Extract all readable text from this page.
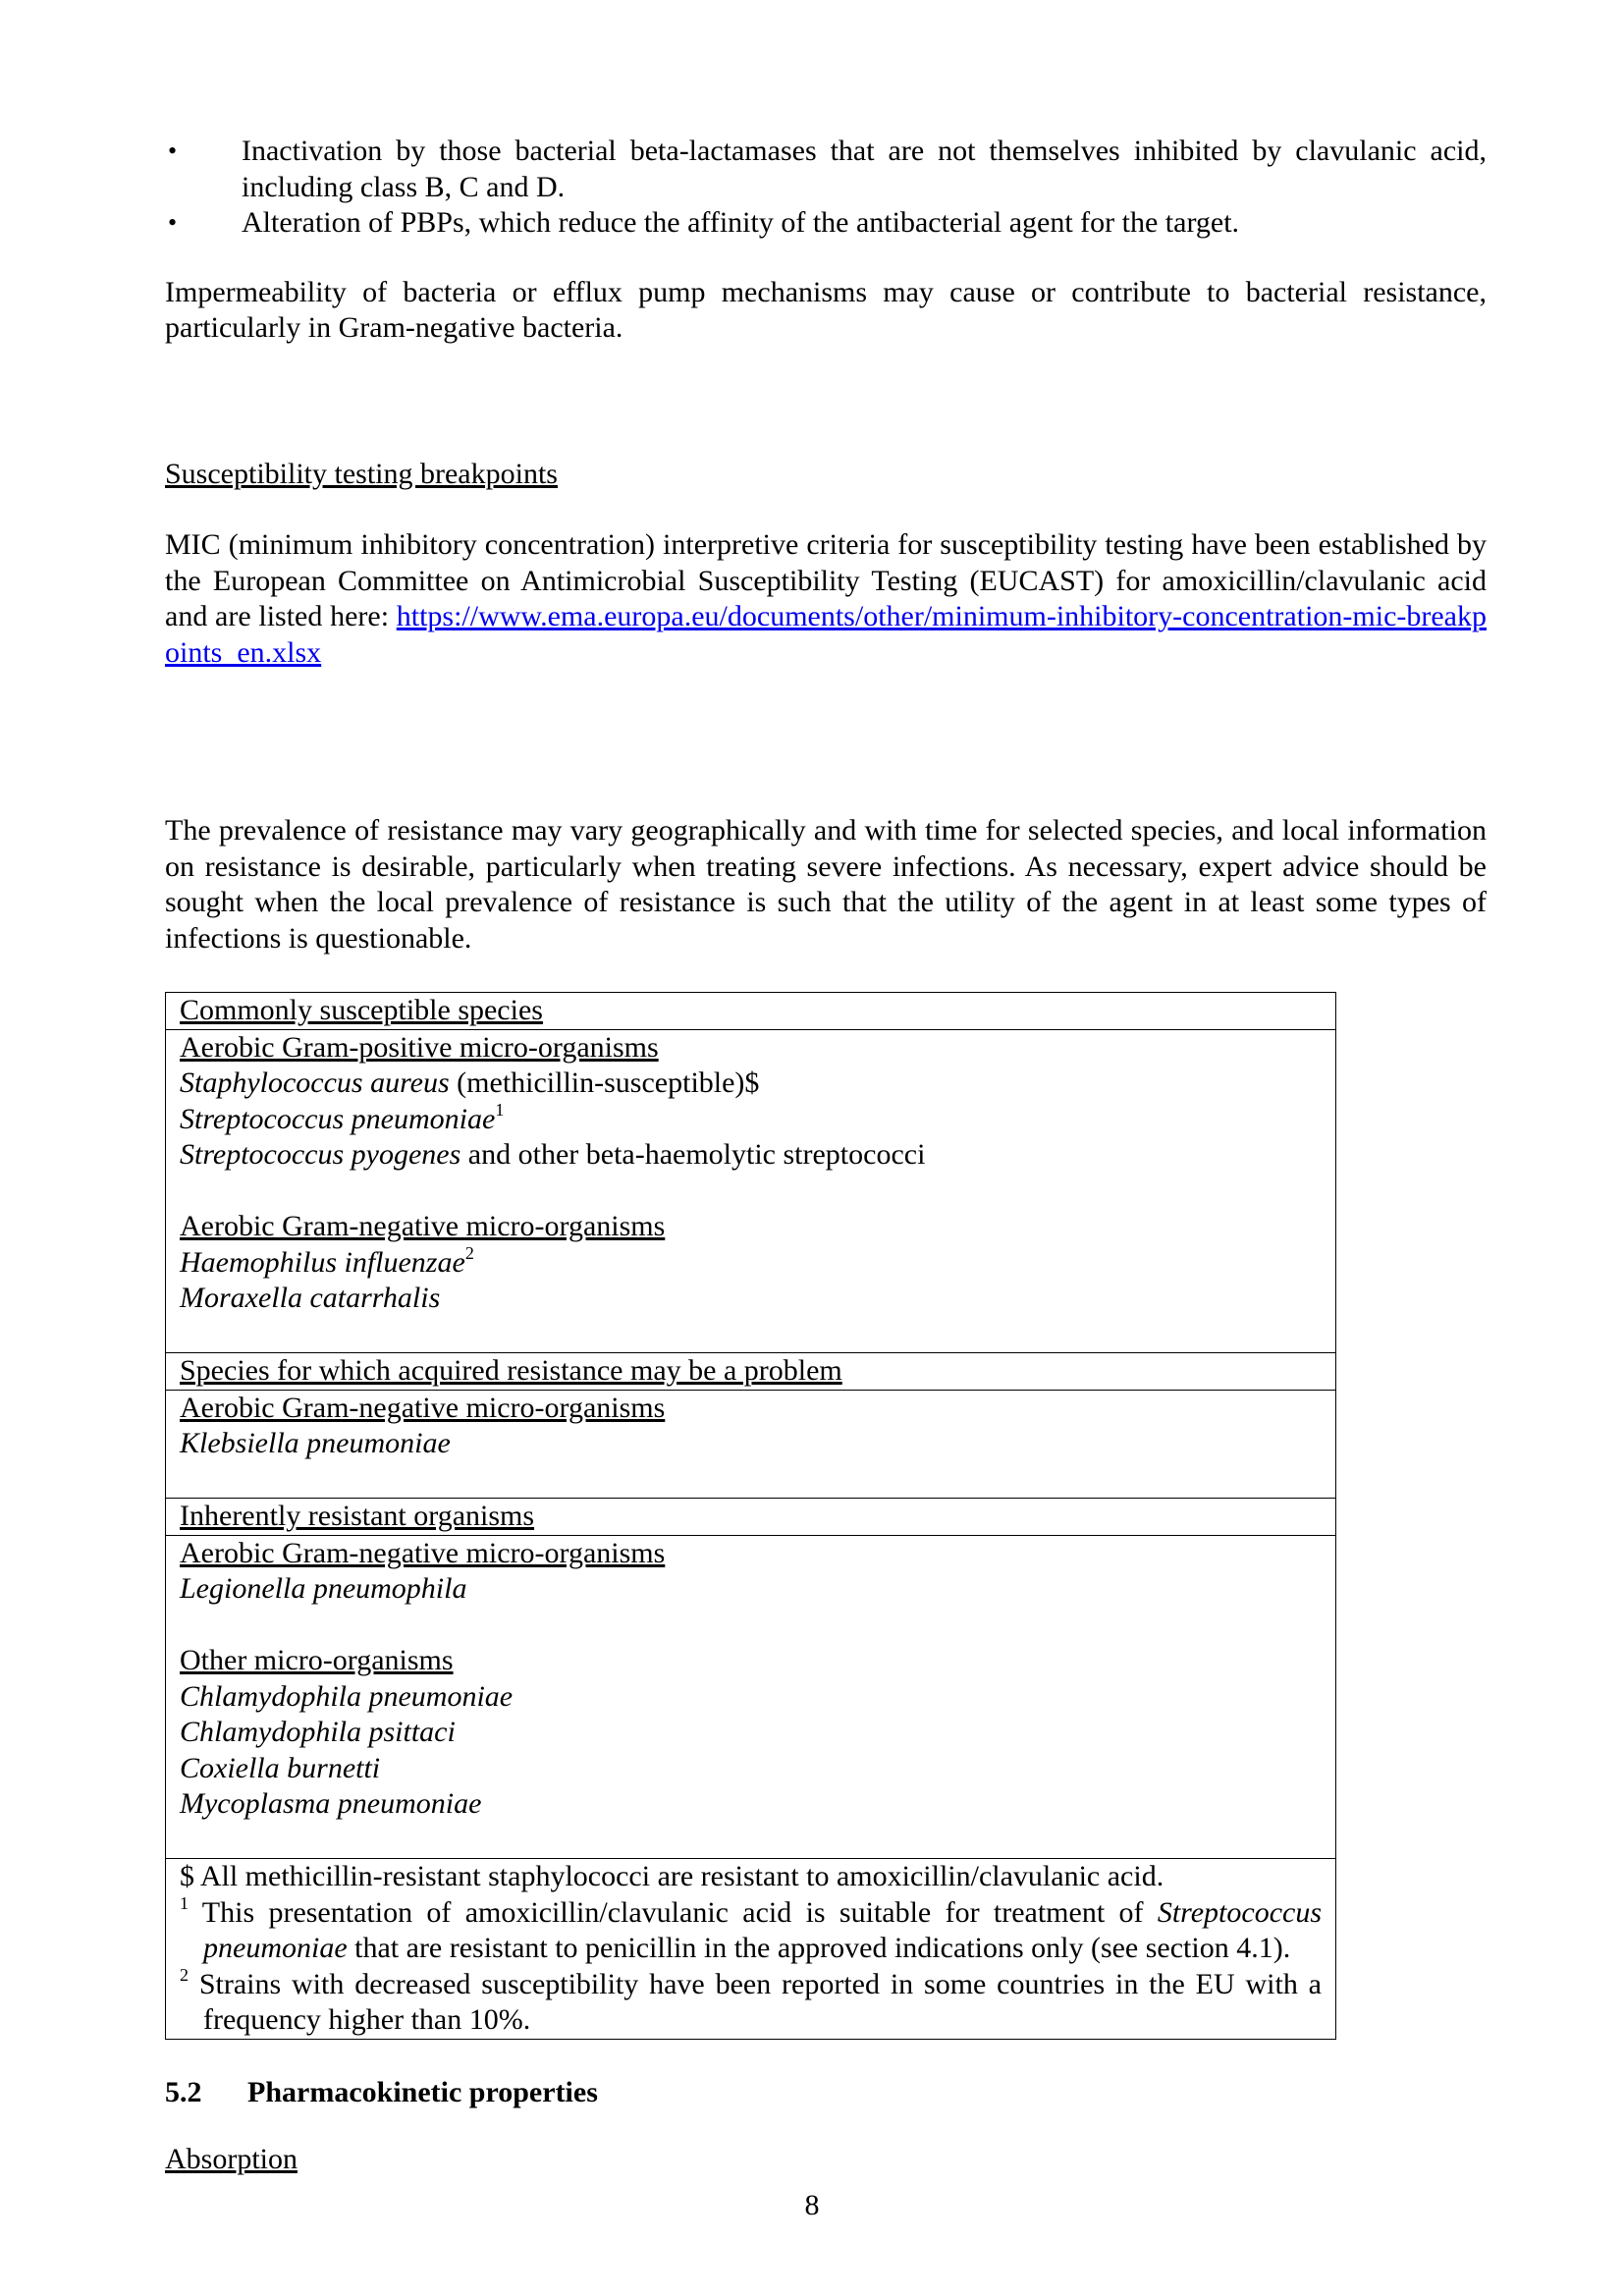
• Inactivation by those bacterial beta-lactamases that are not themselves inhibited by clavulanic acid, including class B, C and D.
• Alteration of PBPs, which reduce the affinity of the antibacterial agent for the target.

Impermeability of bacteria or efflux pump mechanisms may cause or contribute to bacterial resistance, particularly in Gram-negative bacteria.

Susceptibility testing breakpoints

MIC (minimum inhibitory concentration) interpretive criteria for susceptibility testing have been established by the European Committee on Antimicrobial Susceptibility Testing (EUCAST) for amoxicillin/clavulanic acid and are listed here: https://www.ema.europa.eu/documents/other/minimum-inhibitory-concentration-mic-breakpoints_en.xlsx

The prevalence of resistance may vary geographically and with time for selected species, and local information on resistance is desirable, particularly when treating severe infections. As necessary, expert advice should be sought when the local prevalence of resistance is such that the utility of the agent in at least some types of infections is questionable.

Commonly susceptible species

Aerobic Gram-positive micro-organisms
Staphylococcus aureus (methicillin-susceptible)$
Streptococcus pneumoniae$^1$
Streptococcus pyogenes and other beta-haemolytic streptococci
Aerobic Gram-negative micro-organisms
Haemophilus influenzae$^2$
Moraxella catarrhalis

Species for which acquired resistance may be a problem

Aerobic Gram-negative micro-organisms
Klebsiella pneumoniae

Inherently resistant organisms

Aerobic Gram-negative micro-organisms
Legionella pneumophila
Other micro-organisms
Chlamydophila pneumoniae
Chlamydophila psittaci
Coxiella burnetti
Mycoplasma pneumoniae

$ All methicillin-resistant staphylococci are resistant to amoxicillin/clavulanic acid.
$^1$ This presentation of amoxicillin/clavulanic acid is suitable for treatment of Streptococcus pneumoniae that are resistant to penicillin in the approved indications only (see section 4.1).
$^2$ Strains with decreased susceptibility have been reported in some countries in the EU with a frequency higher than 10%.

5.2 Pharmacokinetic properties

Absorption

8
